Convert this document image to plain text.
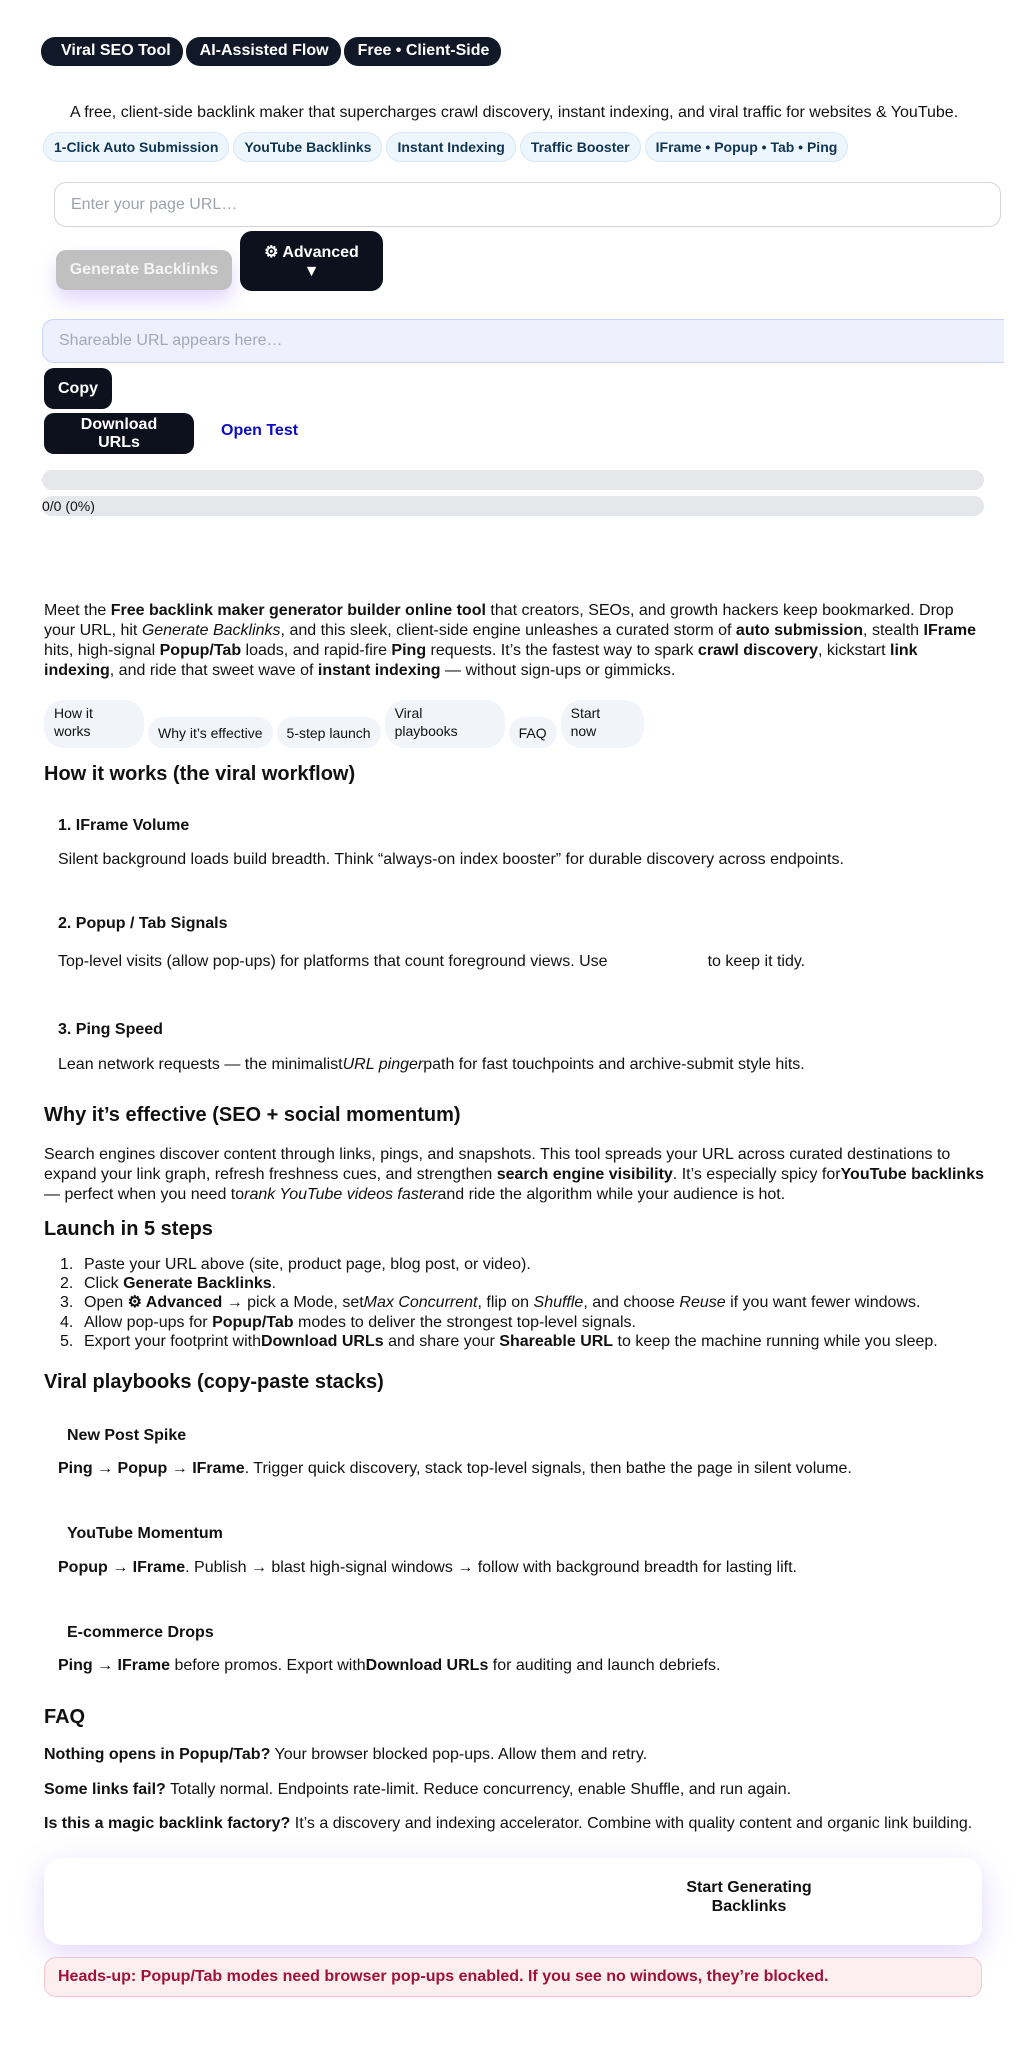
Viral SEO Tool	AI-Assisted Flow	Free • Client-Side

A free, client-side backlink maker that supercharges crawl discovery, instant indexing, and viral traffic for websites & YouTube.

1-Click Auto Submission	YouTube Backlinks	Instant Indexing	Traffic Booster	IFrame • Popup • Tab • Ping
Enter your page URL…
Generate Backlinks
⚙ Advanced
▼
Shareable URL appears here…
Copy
Download URLs
Open Test
0/0 (0%)

Meet the Free backlink maker generator builder online tool that creators, SEOs, and growth hackers keep bookmarked. Drop your URL, hit Generate Backlinks, and this sleek, client-side engine unleashes a curated storm of auto submission, stealth IFrame hits, high-signal Popup/Tab loads, and rapid-fire Ping requests. It’s the fastest way to spark crawl discovery, kickstart link indexing, and ride that sweet wave of instant indexing — without sign-ups or gimmicks.

How it
works	Why it’s effective	5-step launch
Viral
playbooks	FAQ
Start
now
How it works (the viral workflow)
1. IFrame Volume

Silent background loads build breadth. Think “always-on index booster” for durable discovery across endpoints.

2. Popup / Tab Signals

Top-level visits (allow pop-ups) for platforms that count foreground views. Use	to keep it tidy.

3. Ping Speed

Lean network requests — the minimalistURL pingerpath for fast touchpoints and archive-submit style hits.

Why it’s effective (SEO + social momentum)

Search engines discover content through links, pings, and snapshots. This tool spreads your URL across curated destinations to expand your link graph, refresh freshness cues, and strengthen search engine visibility. It’s especially spicy forYouTube backlinks — perfect when you need torank YouTube videos fasterand ride the algorithm while your audience is hot.

Launch in 5 steps
1. Paste your URL above (site, product page, blog post, or video).
2. Click Generate Backlinks.
3. Open ⚙ Advanced → pick a Mode, setMax Concurrent, flip on Shuffle, and choose Reuse if you want fewer windows.
4. Allow pop-ups for Popup/Tab modes to deliver the strongest top-level signals.
5. Export your footprint withDownload URLs and share your Shareable URL to keep the machine running while you sleep.
Viral playbooks (copy-paste stacks)
New Post Spike

Ping → Popup → IFrame. Trigger quick discovery, stack top-level signals, then bathe the page in silent volume.

YouTube Momentum

Popup → IFrame. Publish → blast high-signal windows → follow with background breadth for lasting lift.

E-commerce Drops

Ping → IFrame before promos. Export withDownload URLs for auditing and launch debriefs.

FAQ

Nothing opens in Popup/Tab? Your browser blocked pop-ups. Allow them and retry.

Some links fail? Totally normal. Endpoints rate-limit. Reduce concurrency, enable Shuffle, and run again.

Is this a magic backlink factory? It’s a discovery and indexing accelerator. Combine with quality content and organic link building.

Start Generating
Backlinks
Heads-up: Popup/Tab modes need browser pop-ups enabled. If you see no windows, they’re blocked.
